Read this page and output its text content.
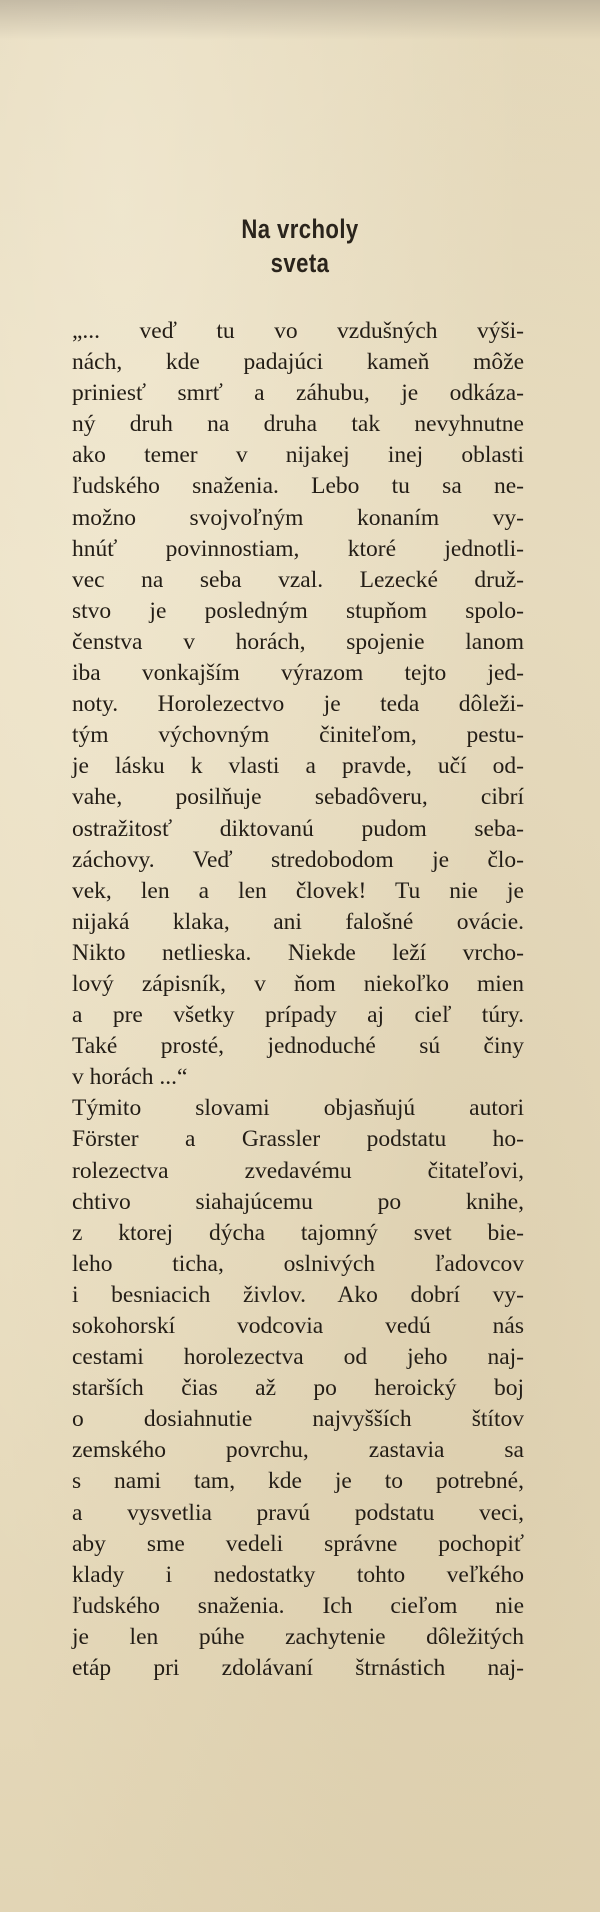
Na vrcholy
sveta
„... veď tu vo vzdušných výši-
nách, kde padajúci kameň môže
priniesť smrť a záhubu, je odkáza-
ný druh na druha tak nevyhnutne
ako temer v nijakej inej oblasti
ľudského snaženia. Lebo tu sa ne-
možno svojvoľným konaním vy-
hnúť povinnostiam, ktoré jednotli-
vec na seba vzal. Lezecké druž-
stvo je posledným stupňom spolo-
čenstva v horách, spojenie lanom
iba vonkajším výrazom tejto jed-
noty. Horolezectvo je teda dôleži-
tým výchovným činiteľom, pestu-
je lásku k vlasti a pravde, učí od-
vahe, posilňuje sebadôveru, cibrí
ostražitosť diktovanú pudom seba-
záchovy. Veď stredobodom je člo-
vek, len a len človek! Tu nie je
nijaká klaka, ani falošné ovácie.
Nikto netlieska. Niekde leží vrcho-
lový zápisník, v ňom niekoľko mien
a pre všetky prípady aj cieľ túry.
Také prosté, jednoduché sú činy
v horách ...“
Týmito slovami objasňujú autori
Förster a Grassler podstatu ho-
rolezectva zvedavému čitateľovi,
chtivo siahajúcemu po knihe,
z ktorej dýcha tajomný svet bie-
leho ticha, oslnivých ľadovcov
i besniacich živlov. Ako dobrí vy-
sokohorskí vodcovia vedú nás
cestami horolezectva od jeho naj-
starších čias až po heroický boj
o dosiahnutie najvyšších štítov
zemského povrchu, zastavia sa
s nami tam, kde je to potrebné,
a vysvetlia pravú podstatu veci,
aby sme vedeli správne pochopiť
klady i nedostatky tohto veľkého
ľudského snaženia. Ich cieľom nie
je len púhe zachytenie dôležitých
etáp pri zdolávaní štrnástich naj-
